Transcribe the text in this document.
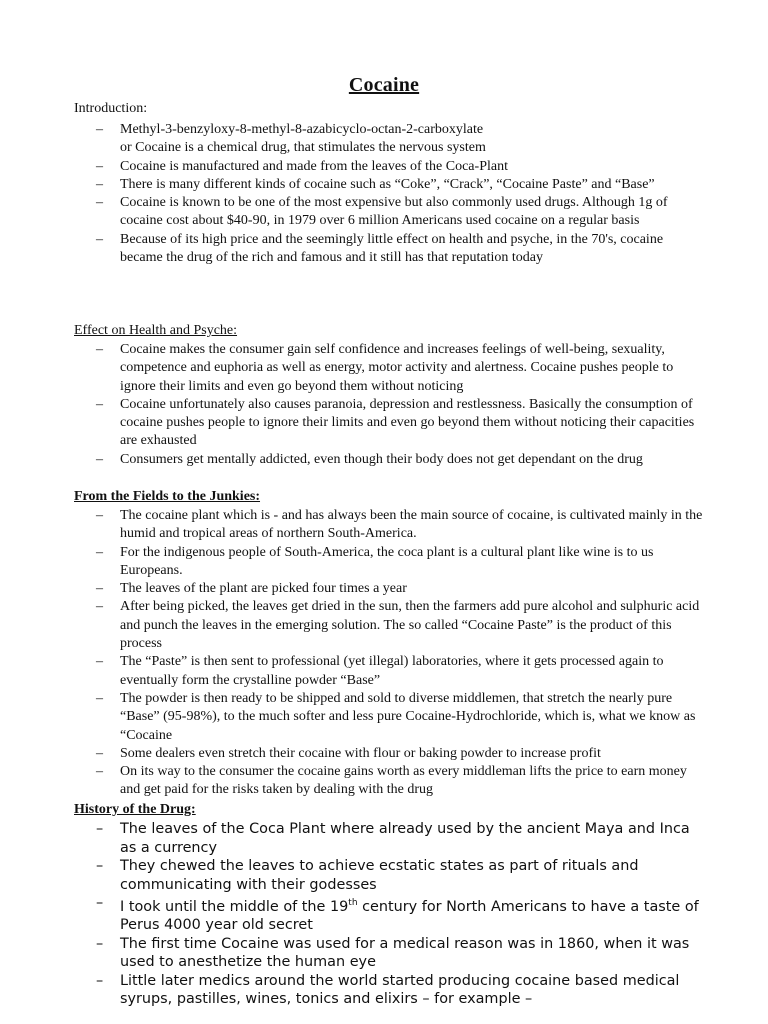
Cocaine
Introduction:
– Methyl-3-benzyloxy-8-methyl-8-azabicyclo-octan-2-carboxylate
or Cocaine is a chemical drug, that stimulates the nervous system
– Cocaine is manufactured and made from the leaves of the Coca-Plant
– There is many different kinds of cocaine such as “Coke”, “Crack”, “Cocaine Paste” and “Base”
– Cocaine is known to be one of the most expensive but also commonly used drugs. Although 1g of cocaine cost about $40-90, in 1979 over 6 million Americans used cocaine on a regular basis
– Because of its high price and the seemingly little effect on health and psyche, in the 70's, cocaine became the drug of the rich and famous and it still has that reputation today
Effect on Health and Psyche:
– Cocaine makes the consumer gain self confidence and increases feelings of well-being, sexuality, competence and euphoria as well as energy, motor activity and alertness. Cocaine pushes people to ignore their limits and even go beyond them without noticing
– Cocaine unfortunately also causes paranoia, depression and restlessness. Basically the consumption of cocaine pushes people to ignore their limits and even go beyond them without noticing their capacities are exhausted
– Consumers get mentally addicted, even though their body does not get dependant on the drug
From the Fields to the Junkies:
– The cocaine plant which is - and has always been the main source of cocaine, is cultivated mainly in the humid and tropical areas of northern South-America.
– For the indigenous people of South-America, the coca plant is a cultural plant like wine is to us Europeans.
– The leaves of the plant are picked four times a year
– After being picked, the leaves get dried in the sun, then the farmers add pure alcohol and sulphuric acid and punch the leaves in the emerging solution. The so called “Cocaine Paste” is the product of this process
– The “Paste” is then sent to professional (yet illegal) laboratories, where it gets processed again to eventually form the crystalline powder “Base”
– The powder is then ready to be shipped and sold to diverse middlemen, that stretch the nearly pure “Base” (95-98%), to the much softer and less pure Cocaine-Hydrochloride, which is, what we know as “Cocaine
– Some dealers even stretch their cocaine with flour or baking powder to increase profit
– On its way to the consumer the cocaine gains worth as every middleman lifts the price to earn money and get paid for the risks taken by dealing with the drug
History of the Drug:
– The leaves of the Coca Plant where already used by the ancient Maya and Inca as a currency
– They chewed the leaves to achieve ecstatic states as part of rituals and communicating with their godesses
– I took until the middle of the 19th century for North Americans to have a taste of Perus 4000 year old secret
– The first time Cocaine was used for a medical reason was in 1860, when it was used to anesthetize the human eye
– Little later medics around the world started producing cocaine based medical syrups, pastilles, wines, tonics and elixirs – for example –
